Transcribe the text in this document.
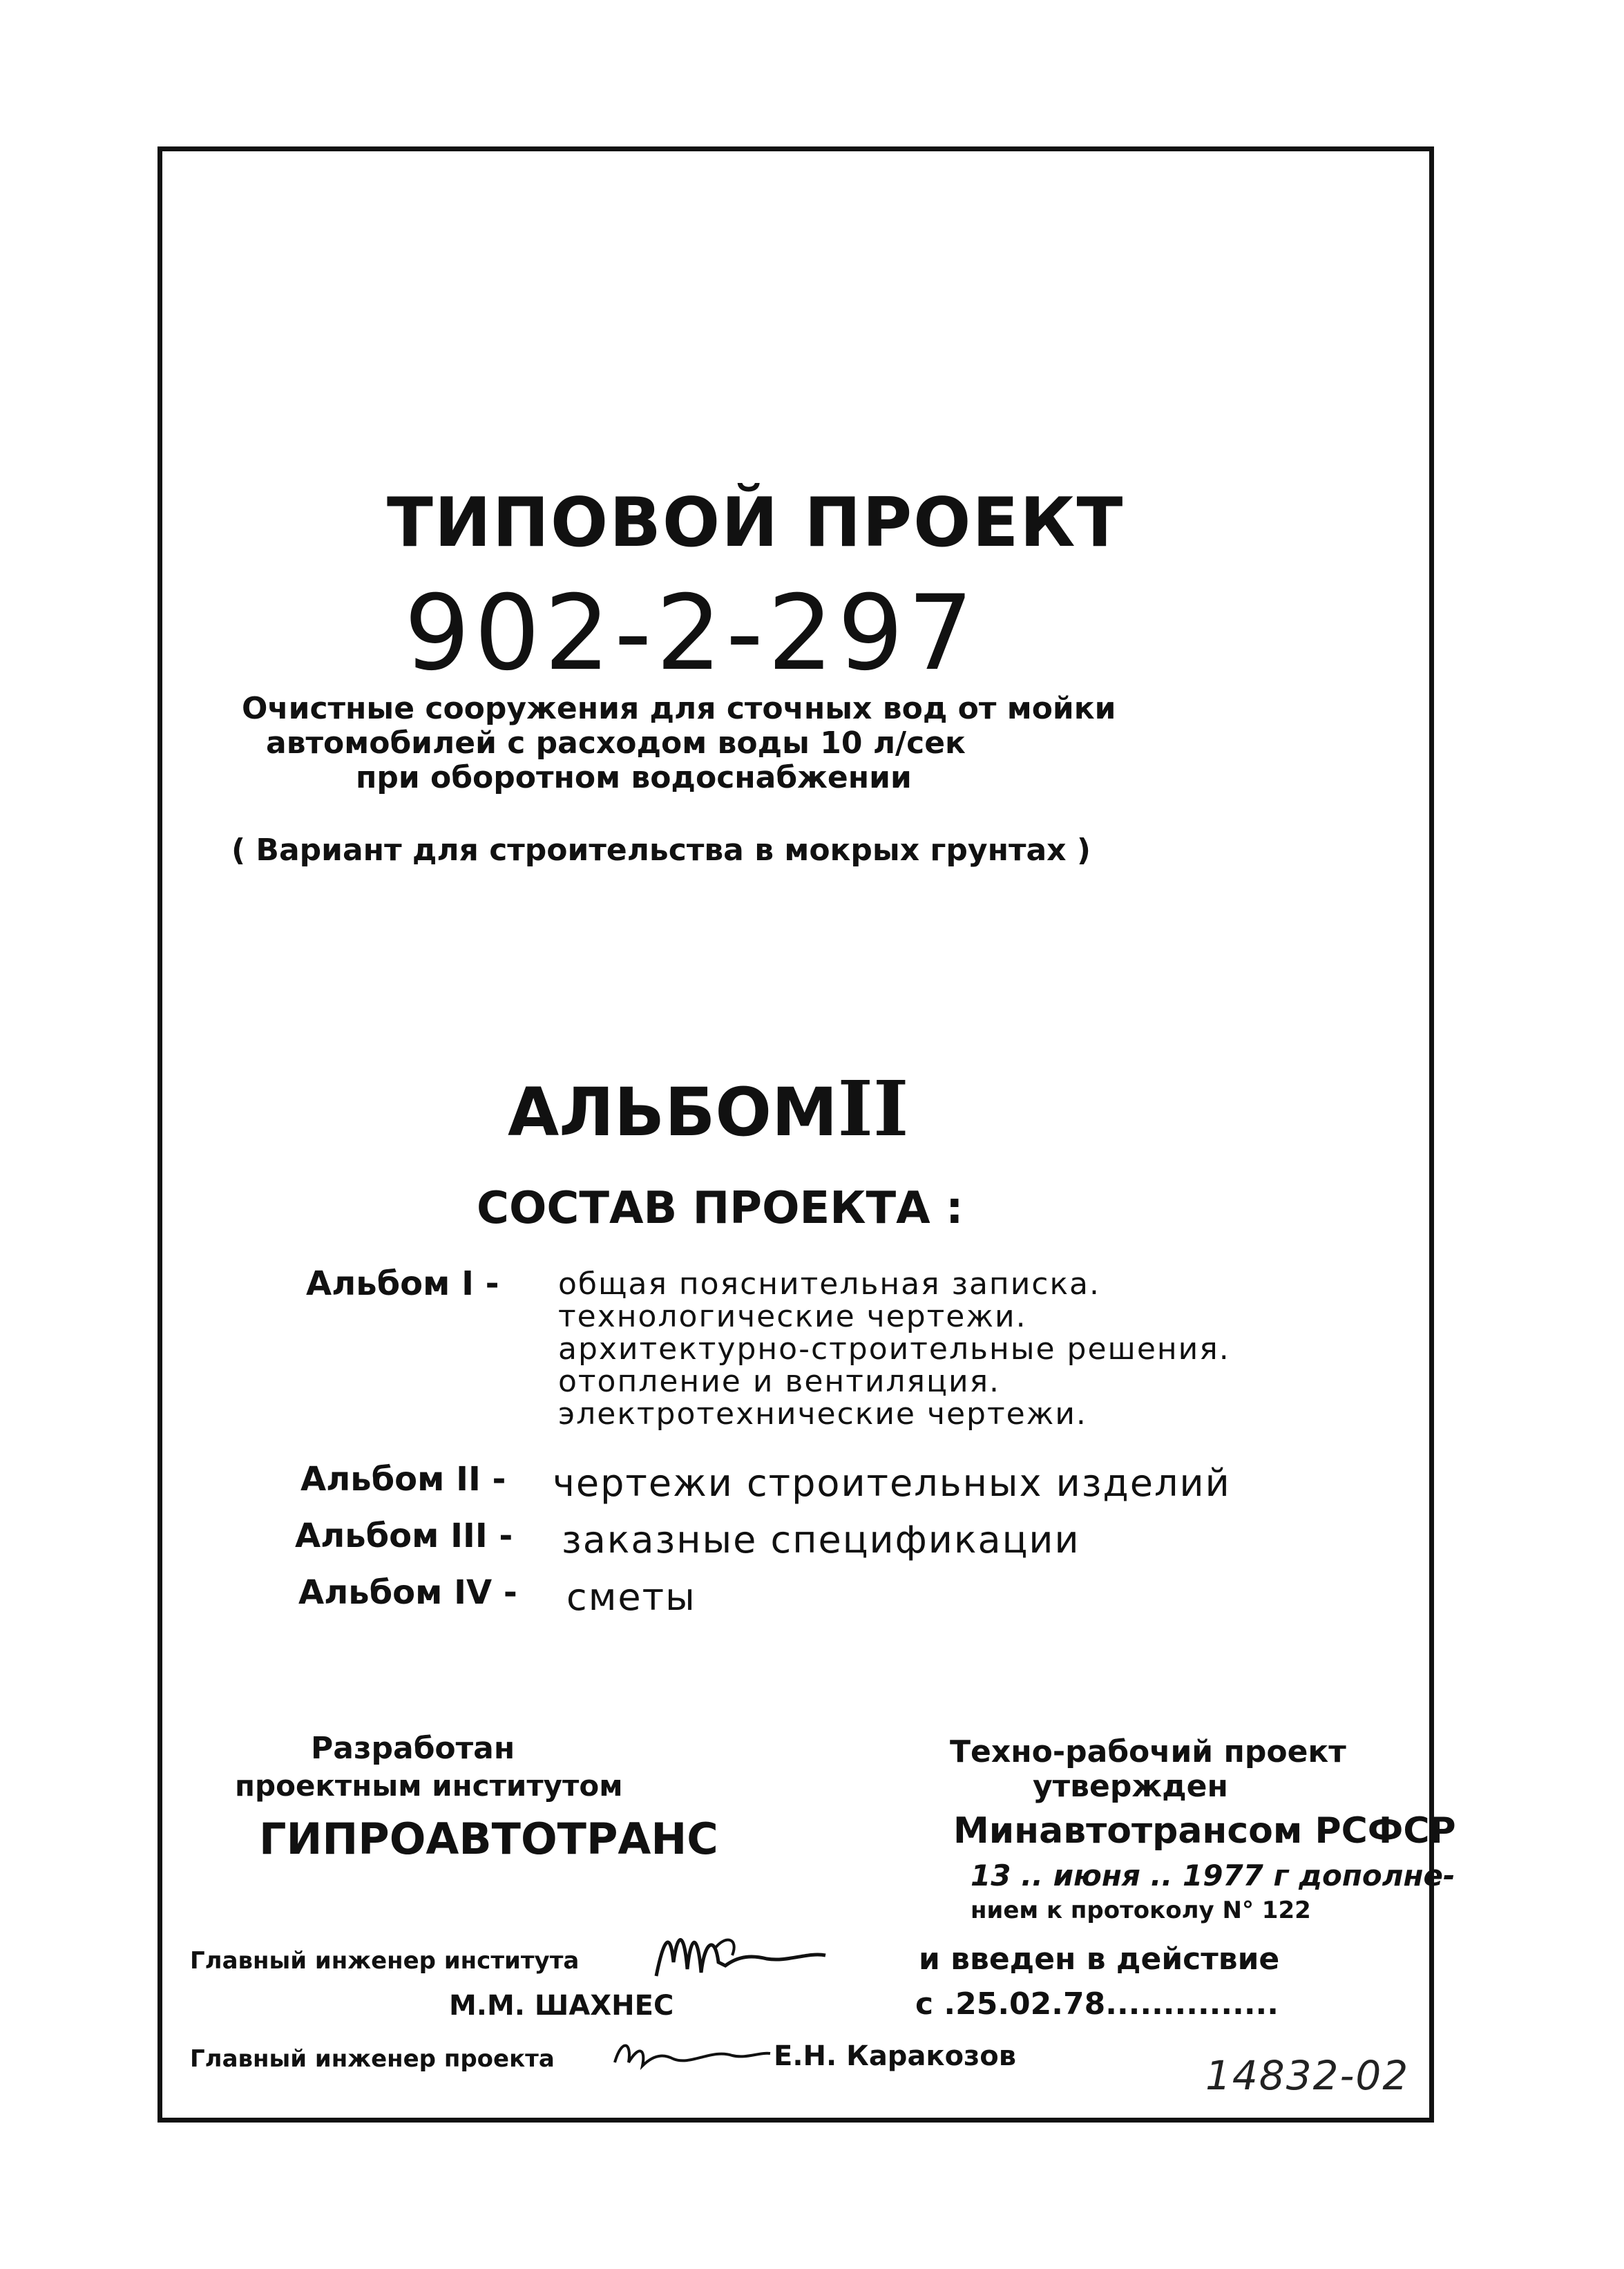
ТИПОВОЙ ПРОЕКТ
902-2-297
Очистные сооружения для сточных вод от мойки
автомобилей с расходом воды 10 л/сек
при оборотном водоснабжении
( Вариант для строительства в мокрых грунтах )
АЛЬБОМII
СОСТАВ ПРОЕКТА :
Альбом I - общая пояснительная записка.
технологические чертежи.
архитектурно-строительные решения.
отопление и вентиляция.
электротехнические чертежи.
Альбом II - чертежи строительных изделий
Альбом III - заказные спецификации
Альбом IV - сметы
Разработан
проектным институтом
ГИПРОАВТОТРАНС
Техно-рабочий проект
утвержден
Минавтотрансом РСФСР
13 .. июня .. 1977 г дополне-
нием к протоколу N° 122
и введен в действие
с .25.02.78...............
Главный инженер института
М.М. ШАХНЕС
Главный инженер проекта	Е.Н. Каракозов	14832-02
